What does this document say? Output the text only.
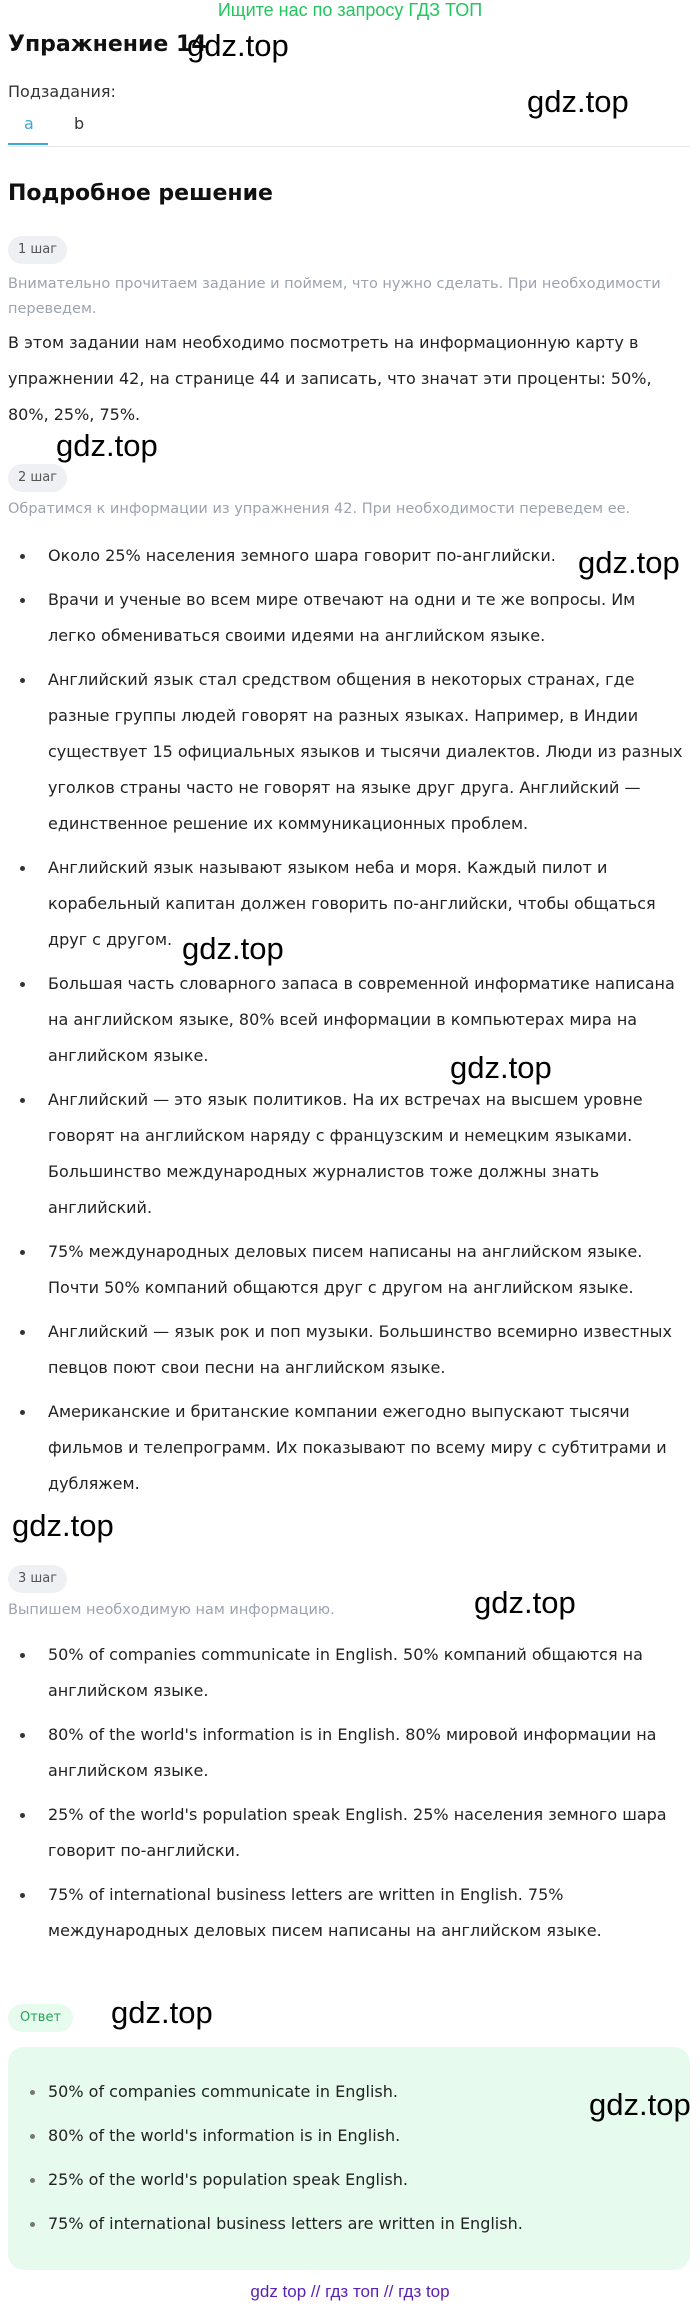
Ищите нас по запросу ГДЗ ТОП
Упражнение 14
gdz.top
gdz.top
Подзадания:
a	b
Подробное решение
1 шаг
Внимательно прочитаем задание и поймем, что нужно сделать. При необходимости переведем.
В этом задании нам необходимо посмотреть на информационную карту в упражнении 42, на странице 44 и записать, что значат эти проценты: 50%, 80%, 25%, 75%.
gdz.top
2 шаг
Обратимся к информации из упражнения 42. При необходимости переведем ее.
Около 25% населения земного шара говорит по-английски.
Врачи и ученые во всем мире отвечают на одни и те же вопросы. Им легко обмениваться своими идеями на английском языке.
Английский язык стал средством общения в некоторых странах, где разные группы людей говорят на разных языках. Например, в Индии существует 15 официальных языков и тысячи диалектов. Люди из разных уголков страны часто не говорят на языке друг друга. Английский — единственное решение их коммуникационных проблем.
Английский язык называют языком неба и моря. Каждый пилот и корабельный капитан должен говорить по-английски, чтобы общаться друг с другом.
Большая часть словарного запаса в современной информатике написана на английском языке, 80% всей информации в компьютерах мира на английском языке.
Английский — это язык политиков. На их встречах на высшем уровне говорят на английском наряду с французским и немецким языками. Большинство международных журналистов тоже должны знать английский.
75% международных деловых писем написаны на английском языке. Почти 50% компаний общаются друг с другом на английском языке.
Английский — язык рок и поп музыки. Большинство всемирно известных певцов поют свои песни на английском языке.
Американские и британские компании ежегодно выпускают тысячи фильмов и телепрограмм. Их показывают по всему миру с субтитрами и дубляжем.
gdz.top
gdz.top
gdz.top
gdz.top
3 шаг
gdz.top
Выпишем необходимую нам информацию.
50% of companies communicate in English. 50% компаний общаются на английском языке.
80% of the world's information is in English. 80% мировой информации на английском языке.
25% of the world's population speak English. 25% населения земного шара говорит по-английски.
75% of international business letters are written in English. 75% международных деловых писем написаны на английском языке.
Ответ	gdz.top
50% of companies communicate in English.
80% of the world's information is in English.
25% of the world's population speak English.
75% of international business letters are written in English.
gdz.top
gdz top // гдз топ // гдз top
